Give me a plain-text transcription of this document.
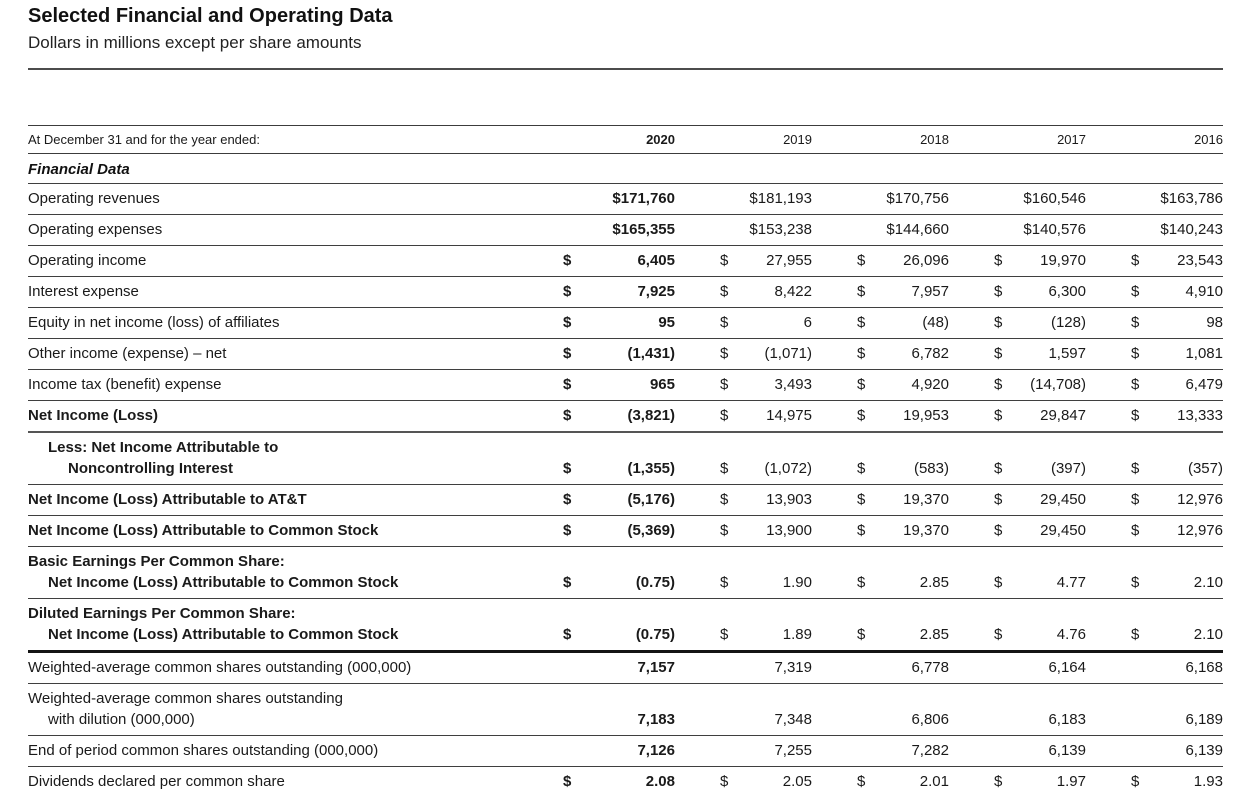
Selected Financial and Operating Data
Dollars in millions except per share amounts
At December 31 and for the year ended:	2020	2019	2018	2017	2016
Financial Data
Operating revenues	$171,760	$181,193	$170,756	$160,546	$163,786
Operating expenses	$165,355	$153,238	$144,660	$140,576	$140,243
Operating income	$	6,405	$	27,955	$	26,096	$	19,970	$	23,543
Interest expense	$	7,925	$	8,422	$	7,957	$	6,300	$	4,910
Equity in net income (loss) of affiliates	$	95	$	6	$	(48)	$	(128)	$	98
Other income (expense) – net	$	(1,431)	$ (1,071)	$	6,782	$	1,597	$	1,081
Income tax (benefit) expense	$	965	$	3,493	$	4,920	$ (14,708)	$	6,479
Net Income (Loss)	$	(3,821)	$	14,975	$	19,953	$	29,847	$	13,333
Less: Net Income Attributable to
Noncontrolling Interest	$	(1,355)	$ (1,072)	$	(583)	$	(397)	$	(357)
Net Income (Loss) Attributable to AT&T	$	(5,176)	$	13,903	$	19,370	$	29,450	$	12,976
Net Income (Loss) Attributable to Common Stock	$	(5,369)	$	13,900	$	19,370	$	29,450	$	12,976
Basic Earnings Per Common Share:
Net Income (Loss) Attributable to Common Stock	$	(0.75)	$	1.90	$	2.85	$	4.77	$	2.10
Diluted Earnings Per Common Share:
Net Income (Loss) Attributable to Common Stock	$	(0.75)	$	1.89	$	2.85	$	4.76	$	2.10
Weighted-average common shares outstanding (000,000)	7,157	7,319	6,778	6,164	6,168
Weighted-average common shares outstanding
with dilution (000,000)	7,183	7,348	6,806	6,183	6,189
End of period common shares outstanding (000,000)	7,126	7,255	7,282	6,139	6,139
Dividends declared per common share	$	2.08	$	2.05	$	2.01	$	1.97	$	1.93
